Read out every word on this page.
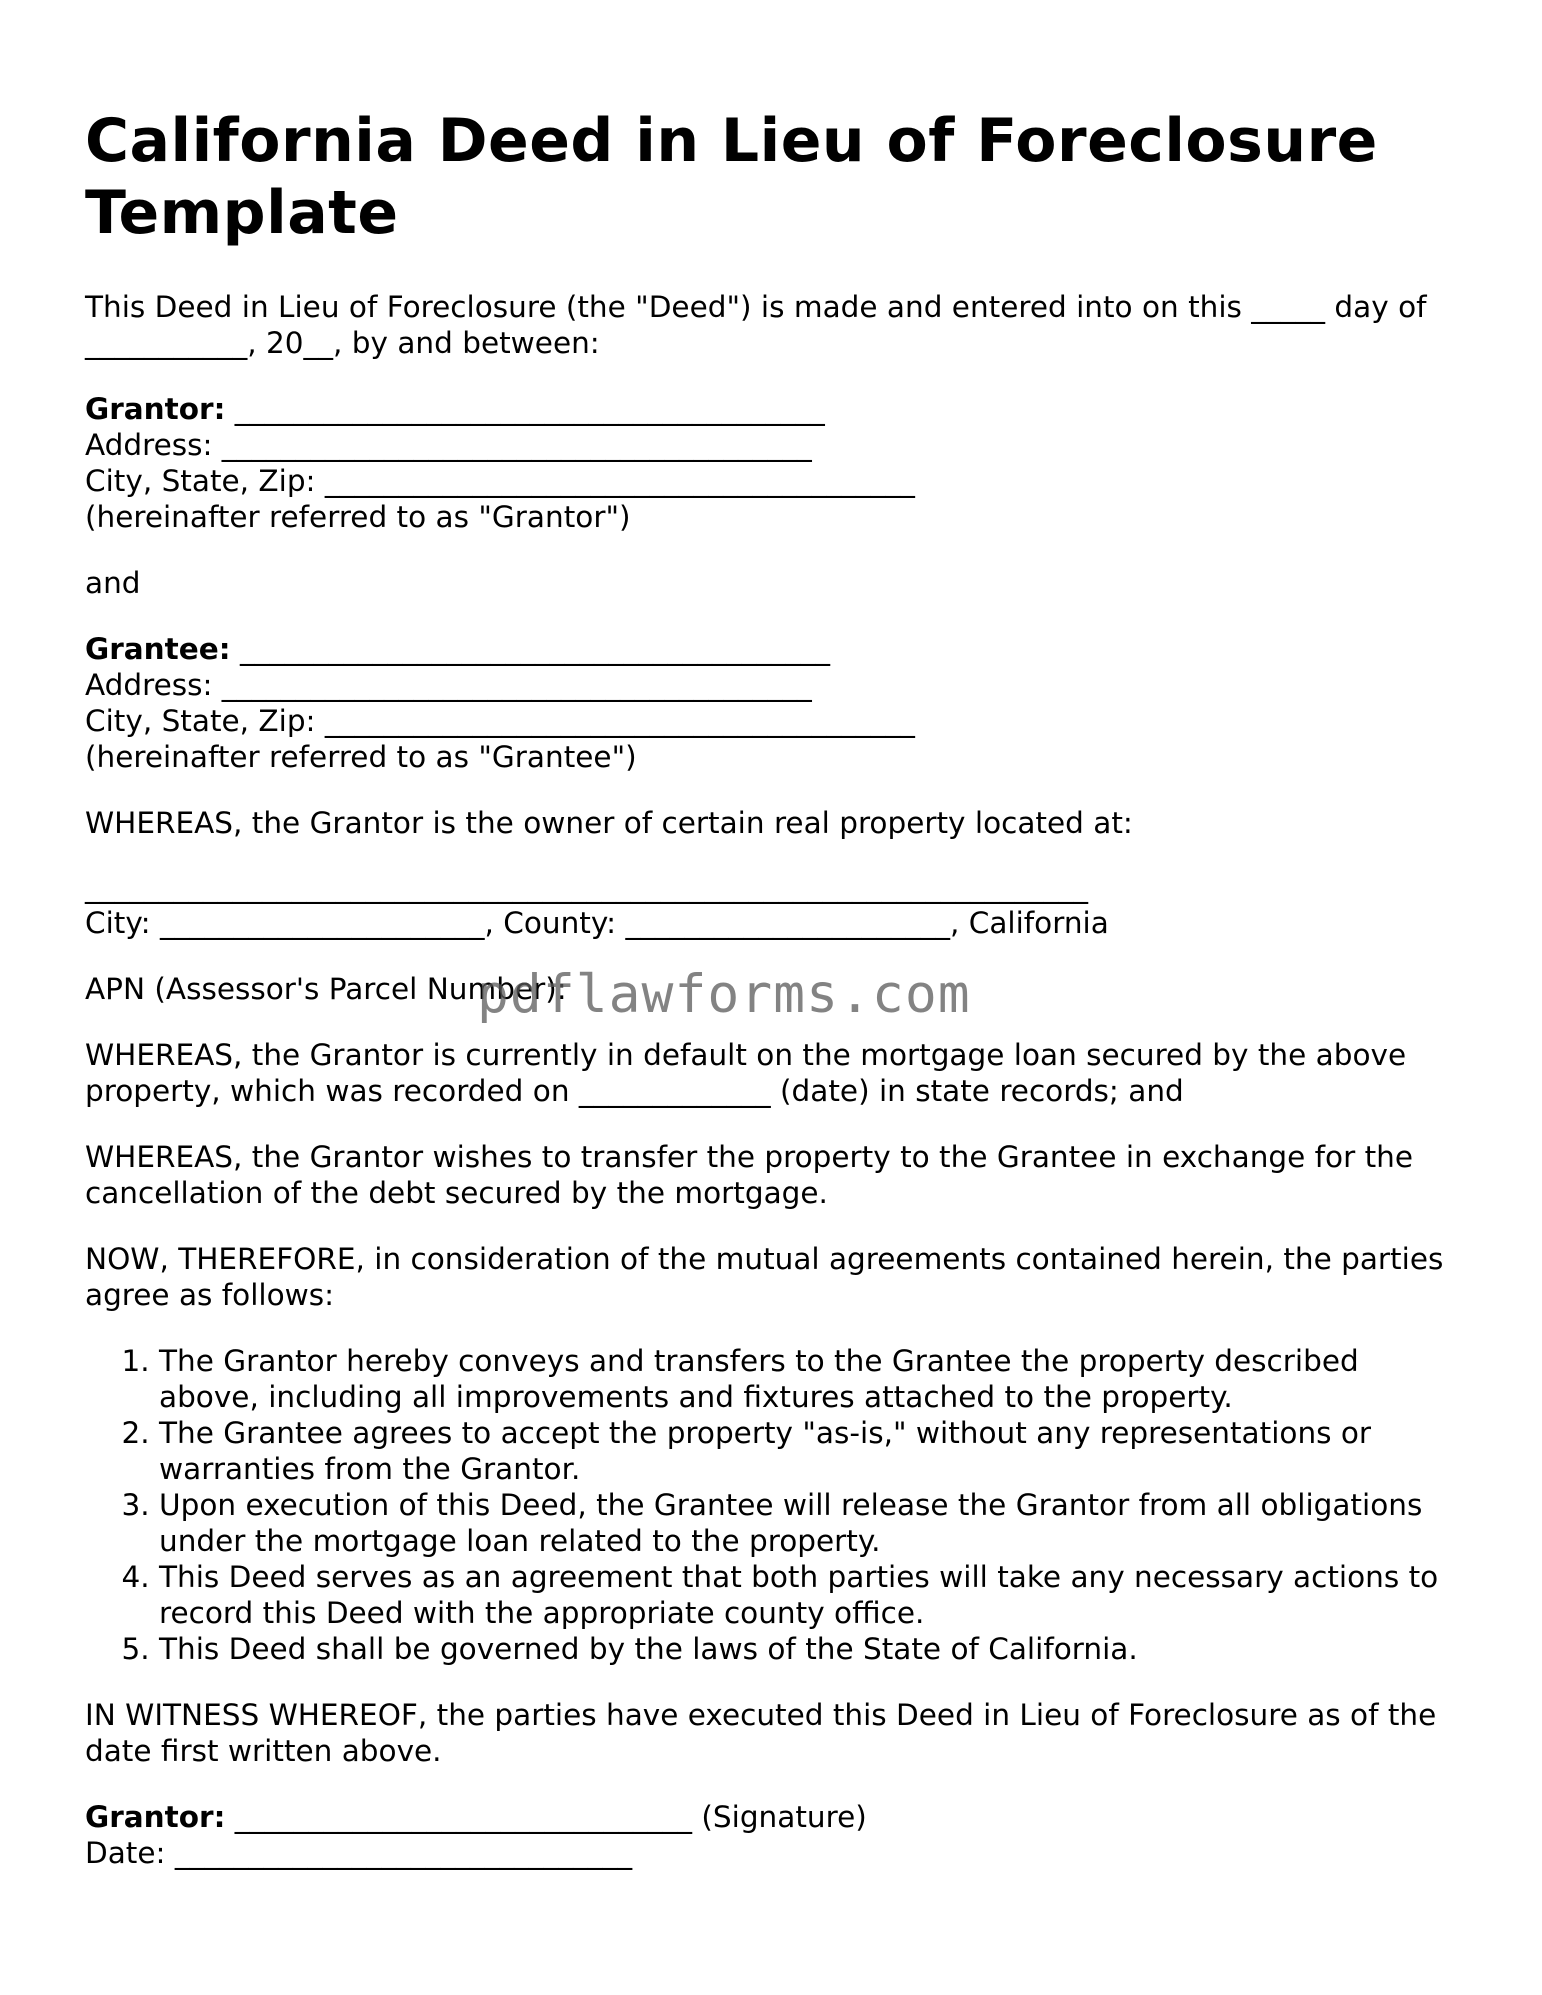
California Deed in Lieu of Foreclosure Template

This Deed in Lieu of Foreclosure (the "Deed") is made and entered into on this _____ day of ___________, 20__, by and between:

Grantor: ________________________________________
Address: ________________________________________
City, State, Zip: ________________________________________
(hereinafter referred to as "Grantor")

and

Grantee: ________________________________________
Address: ________________________________________
City, State, Zip: ________________________________________
(hereinafter referred to as "Grantee")

WHEREAS, the Grantor is the owner of certain real property located at:

____________________________________________________________________
City: ______________________, County: ______________________, California

APN (Assessor's Parcel Number):

WHEREAS, the Grantor is currently in default on the mortgage loan secured by the above property, which was recorded on _____________ (date) in state records; and

WHEREAS, the Grantor wishes to transfer the property to the Grantee in exchange for the cancellation of the debt secured by the mortgage.

NOW, THEREFORE, in consideration of the mutual agreements contained herein, the parties agree as follows:

1. The Grantor hereby conveys and transfers to the Grantee the property described above, including all improvements and fixtures attached to the property.
2. The Grantee agrees to accept the property "as-is," without any representations or warranties from the Grantor.
3. Upon execution of this Deed, the Grantee will release the Grantor from all obligations under the mortgage loan related to the property.
4. This Deed serves as an agreement that both parties will take any necessary actions to record this Deed with the appropriate county office.
5. This Deed shall be governed by the laws of the State of California.

IN WITNESS WHEREOF, the parties have executed this Deed in Lieu of Foreclosure as of the date first written above.

Grantor: _______________________________ (Signature)
Date: _______________________________
pdflawforms.com
